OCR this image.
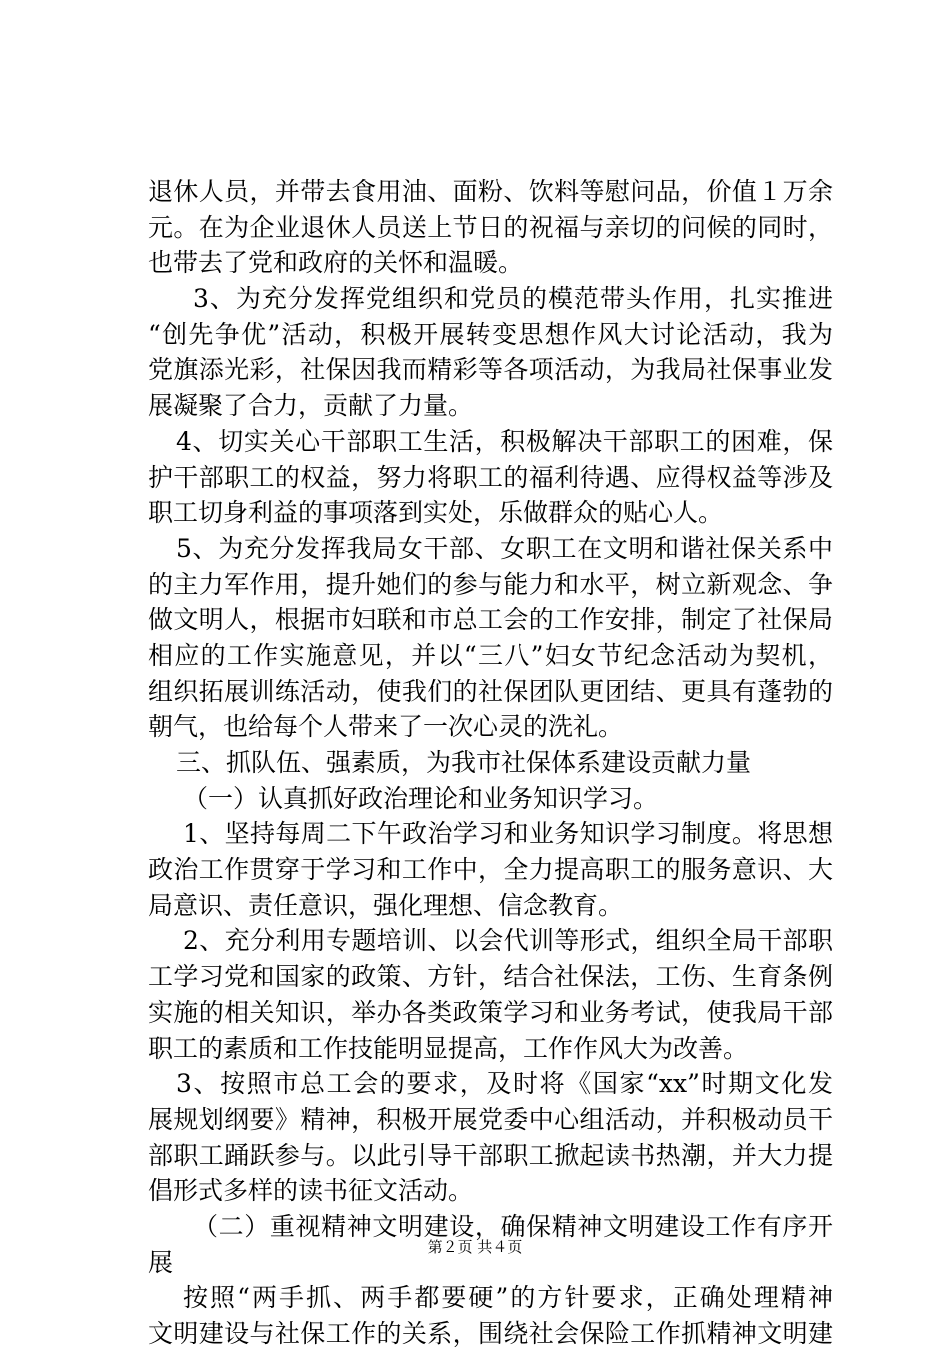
退休人员，并带去食用油、面粉、饮料等慰问品，价值１万余
元。在为企业退休人员送上节日的祝福与亲切的问候的同时，
也带去了党和政府的关怀和温暖。
3、为充分发挥党组织和党员的模范带头作用，扎实推进
“创先争优”活动，积极开展转变思想作风大讨论活动，我为
党旗添光彩，社保因我而精彩等各项活动，为我局社保事业发
展凝聚了合力，贡献了力量。
4、切实关心干部职工生活，积极解决干部职工的困难，保
护干部职工的权益，努力将职工的福利待遇、应得权益等涉及
职工切身利益的事项落到实处，乐做群众的贴心人。
5、为充分发挥我局女干部、女职工在文明和谐社保关系中
的主力军作用，提升她们的参与能力和水平，树立新观念、争
做文明人，根据市妇联和市总工会的工作安排，制定了社保局
相应的工作实施意见，并以“三八”妇女节纪念活动为契机，
组织拓展训练活动，使我们的社保团队更团结、更具有蓬勃的
朝气，也给每个人带来了一次心灵的洗礼。
三、抓队伍、强素质，为我市社保体系建设贡献力量
（一）认真抓好政治理论和业务知识学习。
1、坚持每周二下午政治学习和业务知识学习制度。将思想
政治工作贯穿于学习和工作中，全力提高职工的服务意识、大
局意识、责任意识，强化理想、信念教育。
2、充分利用专题培训、以会代训等形式，组织全局干部职
工学习党和国家的政策、方针，结合社保法，工伤、生育条例
实施的相关知识，举办各类政策学习和业务考试，使我局干部
职工的素质和工作技能明显提高，工作作风大为改善。
3、按照市总工会的要求，及时将《国家“xx”时期文化发
展规划纲要》精神，积极开展党委中心组活动，并积极动员干
部职工踊跃参与。以此引导干部职工掀起读书热潮，并大力提
倡形式多样的读书征文活动。
（二）重视精神文明建设，确保精神文明建设工作有序开
展
按照“两手抓、两手都要硬”的方针要求，正确处理精神
文明建设与社保工作的关系，围绕社会保险工作抓精神文明建
第２页 共４页
